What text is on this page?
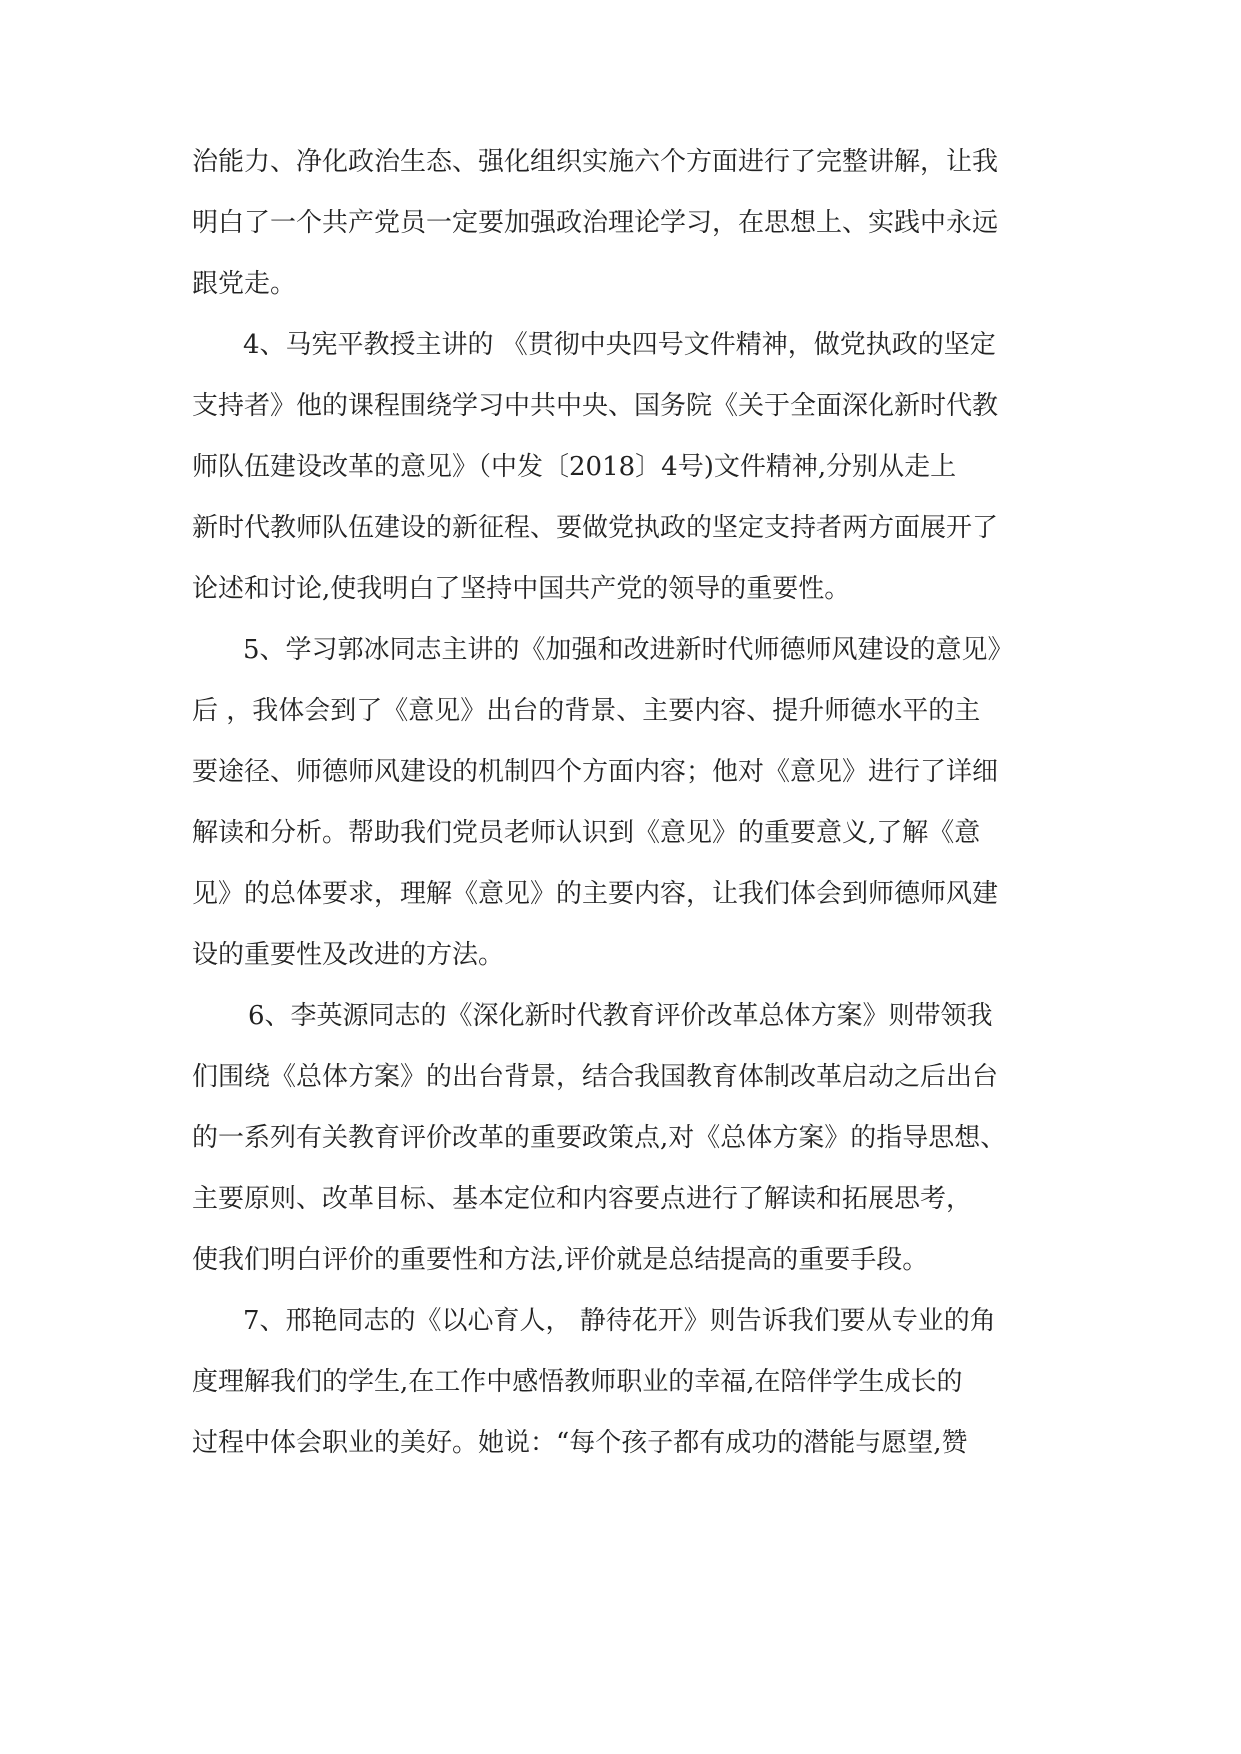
治能力、净化政治生态、强化组织实施六个方面进行了完整讲解，让我
明白了一个共产党员一定要加强政治理论学习，在思想上、实践中永远
跟党走。
4、马宪平教授主讲的 《贯彻中央四号文件精神，做党执政的坚定
支持者》他的课程围绕学习中共中央、国务院《关于全面深化新时代教
师队伍建设改革的意见》（中发〔2018〕4号)文件精神,分别从走上
新时代教师队伍建设的新征程、要做党执政的坚定支持者两方面展开了
论述和讨论,使我明白了坚持中国共产党的领导的重要性。
5、学习郭冰同志主讲的《加强和改进新时代师德师风建设的意见》
后 ，我体会到了《意见》出台的背景、主要内容、提升师德水平的主
要途径、师德师风建设的机制四个方面内容；他对《意见》进行了详细
解读和分析。帮助我们党员老师认识到《意见》的重要意义,了解《意
见》的总体要求，理解《意见》的主要内容，让我们体会到师德师风建
设的重要性及改进的方法。
6、李英源同志的《深化新时代教育评价改革总体方案》则带领我
们围绕《总体方案》的出台背景，结合我国教育体制改革启动之后出台
的一系列有关教育评价改革的重要政策点,对《总体方案》的指导思想、
主要原则、改革目标、基本定位和内容要点进行了解读和拓展思考，
使我们明白评价的重要性和方法,评价就是总结提高的重要手段。
7、邢艳同志的《以心育人， 静待花开》则告诉我们要从专业的角
度理解我们的学生,在工作中感悟教师职业的幸福,在陪伴学生成长的
过程中体会职业的美好。她说：“每个孩子都有成功的潜能与愿望,赞
